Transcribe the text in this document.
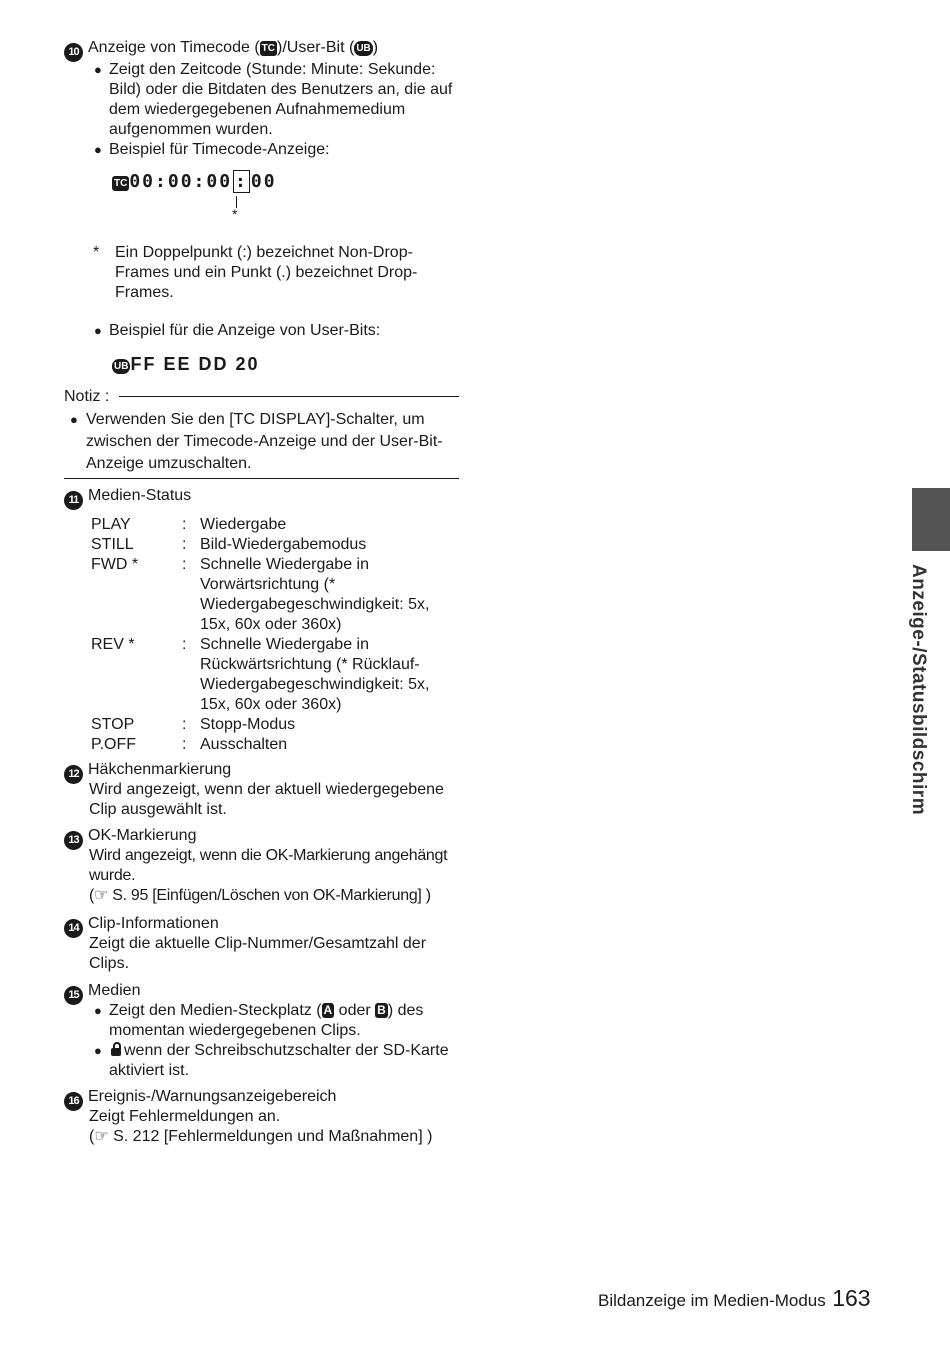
10 Anzeige von Timecode ( TC )/User-Bit ( UB )
● Zeigt den Zeitcode (Stunde: Minute: Sekunde:
Bild) oder die Bitdaten des Benutzers an, die auf
dem wiedergegebenen Aufnahmemedium
aufgenommen wurden.
● Beispiel für Timecode-Anzeige:
TC 00:00:00 : 00
*
* Ein Doppelpunkt (:) bezeichnet Non-Drop-
Frames und ein Punkt (.) bezeichnet Drop-
Frames.
● Beispiel für die Anzeige von User-Bits:
UB FF EE DD 20
Notiz :
● Verwenden Sie den [TC DISPLAY]-Schalter, um
zwischen der Timecode-Anzeige und der User-Bit-
Anzeige umzuschalten.
11 Medien-Status
PLAY	:	Wiedergabe

STILL	:	Bild-Wiedergabemodus

FWD *	:	Schnelle Wiedergabe in
Vorwärtsrichtung (*
Wiedergabegeschwindigkeit: 5x,
15x, 60x oder 360x)

REV *	:	Schnelle Wiedergabe in
Rückwärtsrichtung (* Rücklauf-
Wiedergabegeschwindigkeit: 5x,
15x, 60x oder 360x)

STOP	:	Stopp-Modus

P.OFF	:	Ausschalten
12 Häkchenmarkierung
Wird angezeigt, wenn der aktuell wiedergegebene
Clip ausgewählt ist.
13 OK-Markierung
Wird angezeigt, wenn die OK-Markierung angehängt
wurde.
(☞ S. 95 [Einfügen/Löschen von OK-Markierung] )
14 Clip-Informationen
Zeigt die aktuelle Clip-Nummer/Gesamtzahl der
Clips.
15 Medien
● Zeigt den Medien-Steckplatz ( A oder B ) des
momentan wiedergegebenen Clips.
● wenn der Schreibschutzschalter der SD-Karte
aktiviert ist.
16 Ereignis-/Warnungsanzeigebereich
Zeigt Fehlermeldungen an.
(☞ S. 212 [Fehlermeldungen und Maßnahmen] )
Anzeige-/Statusbildschirm
Bildanzeige im Medien-Modus 163
